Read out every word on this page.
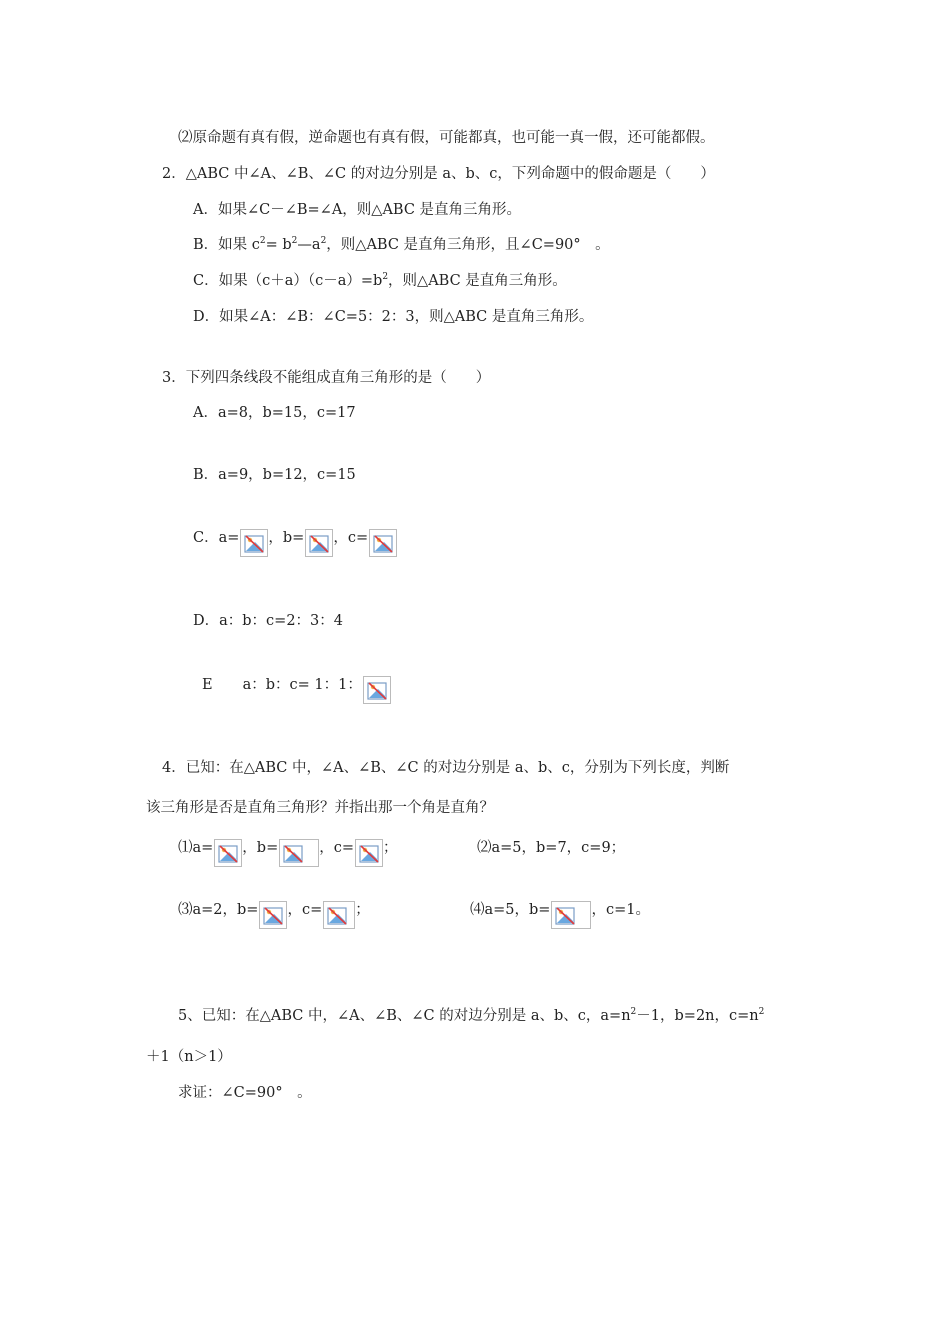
⑵原命题有真有假，逆命题也有真有假，可能都真，也可能一真一假，还可能都假。
2．△ABC 中∠A、∠B、∠C 的对边分别是 a、b、c，下列命题中的假命题是（　　）
A．如果∠C－∠B=∠A，则△ABC 是直角三角形。
B．如果 $c^2=$ $b^2—a^2$，则△ABC 是直角三角形，且∠C=90°　。
C．如果$(c+a)(c-a)=b^2$，则△ABC 是直角三角形。
D．如果∠A：∠B：∠C=5：2：3，则△ABC 是直角三角形。
3．下列四条线段不能组成直角三角形的是（　　）
A．a=8，b=15，c=17
B．a=9，b=12，c=15
C．a= ，b= ，c=
D．a：b：c=2：3：4
E a：b：c= 1：1：
4．已知：在△ABC 中，∠A、∠B、∠C 的对边分别是 a、b、c，分别为下列长度，判断
该三角形是否是直角三角形？并指出那一个角是直角？
⑴a= ，b=	，c= ；	⑵a=5，b=7，c=9；
⑶a=2，b= ，c= ；	⑷a=5，b=	，c=1。
5、已知：在△ABC 中，∠A、∠B、∠C 的对边分别是 a、b、c，$a=n^2-1$，b=2n，$c=n^2$
＋1（n＞1）
求证：∠C=90°　。
